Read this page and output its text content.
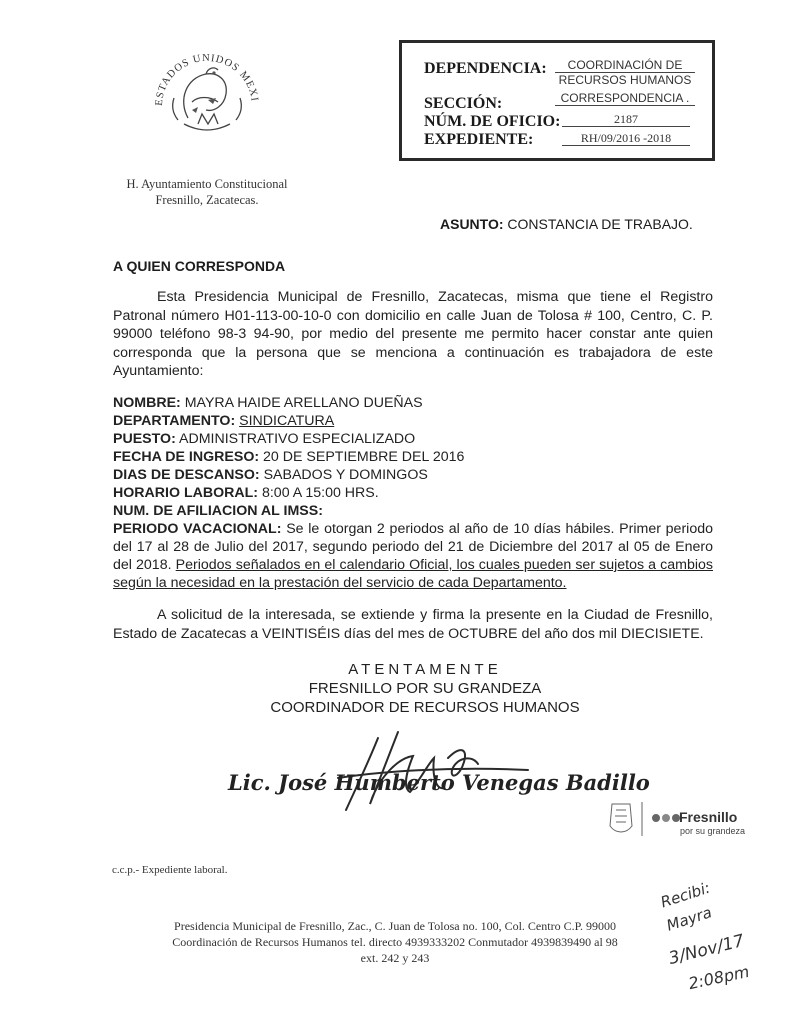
ESTADOS UNIDOS MEXI
H. Ayuntamiento Constitucional
Fresnillo, Zacatecas.
DEPENDENCIA:	COORDINACIÓN DE
RECURSOS HUMANOS
SECCIÓN:	CORRESPONDENCIA .
NÚM. DE OFICIO:	2187
EXPEDIENTE:	RH/09/2016 -2018
ASUNTO: CONSTANCIA DE TRABAJO.
A QUIEN CORRESPONDA
Esta Presidencia Municipal de Fresnillo, Zacatecas, misma que tiene el Registro Patronal número H01-113-00-10-0 con domicilio en calle Juan de Tolosa # 100, Centro, C. P. 99000 teléfono 98-3 94-90, por medio del presente me permito hacer constar ante quien corresponda que la persona que se menciona a continuación es trabajadora de este Ayuntamiento:
NOMBRE: MAYRA HAIDE ARELLANO DUEÑAS
DEPARTAMENTO: SINDICATURA
PUESTO: ADMINISTRATIVO ESPECIALIZADO
FECHA DE INGRESO: 20 DE SEPTIEMBRE DEL 2016
DIAS DE DESCANSO: SABADOS Y DOMINGOS
HORARIO LABORAL: 8:00 A 15:00 HRS.
NUM. DE AFILIACION AL IMSS:
PERIODO VACACIONAL: Se le otorgan 2 periodos al año de 10 días hábiles. Primer periodo del 17 al 28 de Julio del 2017, segundo periodo del 21 de Diciembre del 2017 al 05 de Enero del 2018. Periodos señalados en el calendario Oficial, los cuales pueden ser sujetos a cambios según la necesidad en la prestación del servicio de cada Departamento.
A solicitud de la interesada, se extiende y firma la presente en la Ciudad de Fresnillo, Estado de Zacatecas a VEINTISÉIS días del mes de OCTUBRE del año dos mil DIECISIETE.
ATENTAMENTE
FRESNILLO POR SU GRANDEZA
COORDINADOR DE RECURSOS HUMANOS
Lic. José Humberto Venegas Badillo
Fresnillo
por su grandeza
c.c.p.- Expediente laboral.
Presidencia Municipal de Fresnillo, Zac., C. Juan de Tolosa no. 100, Col. Centro C.P. 99000
Coordinación de Recursos Humanos tel. directo 4939333202 Conmutador 4939839490 al 98
ext. 242 y 243
Recibi:
Mayra
3/Nov/17
2:08pm
